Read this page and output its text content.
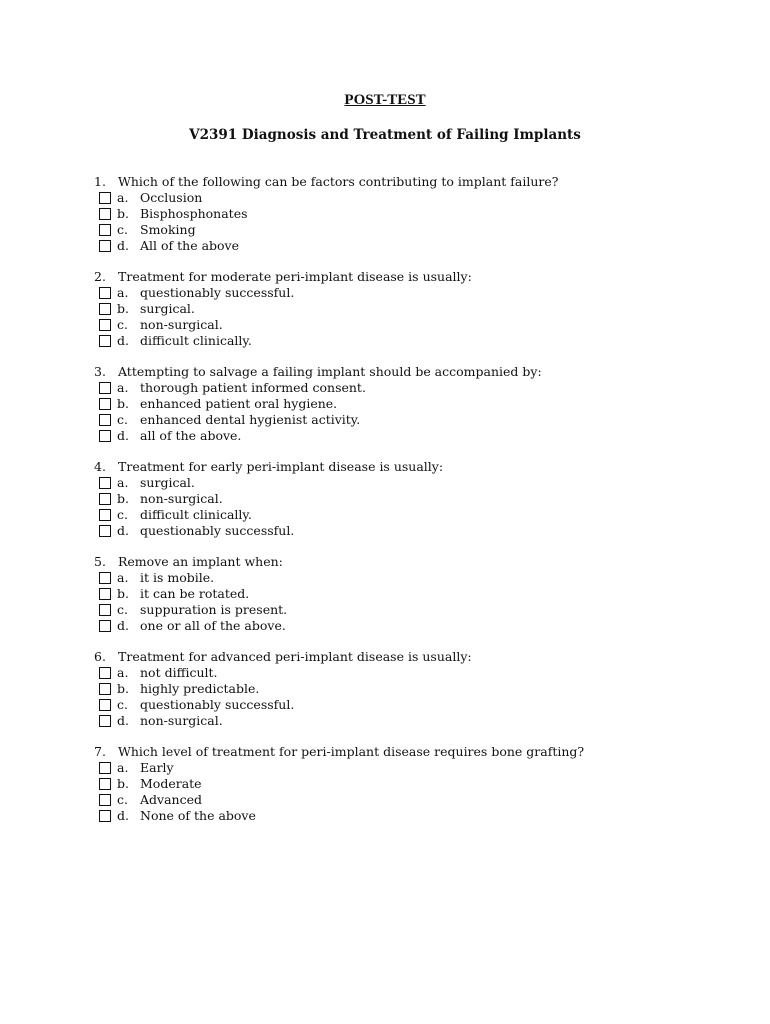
POST-TEST
V2391 Diagnosis and Treatment of Failing Implants
1. Which of the following can be factors contributing to implant failure?
a. Occlusion
b. Bisphosphonates
c. Smoking
d. All of the above
2. Treatment for moderate peri-implant disease is usually:
a. questionably successful.
b. surgical.
c. non-surgical.
d. difficult clinically.
3. Attempting to salvage a failing implant should be accompanied by:
a. thorough patient informed consent.
b. enhanced patient oral hygiene.
c. enhanced dental hygienist activity.
d. all of the above.
4. Treatment for early peri-implant disease is usually:
a. surgical.
b. non-surgical.
c. difficult clinically.
d. questionably successful.
5. Remove an implant when:
a. it is mobile.
b. it can be rotated.
c. suppuration is present.
d. one or all of the above.
6. Treatment for advanced peri-implant disease is usually:
a. not difficult.
b. highly predictable.
c. questionably successful.
d. non-surgical.
7. Which level of treatment for peri-implant disease requires bone grafting?
a. Early
b. Moderate
c. Advanced
d. None of the above
